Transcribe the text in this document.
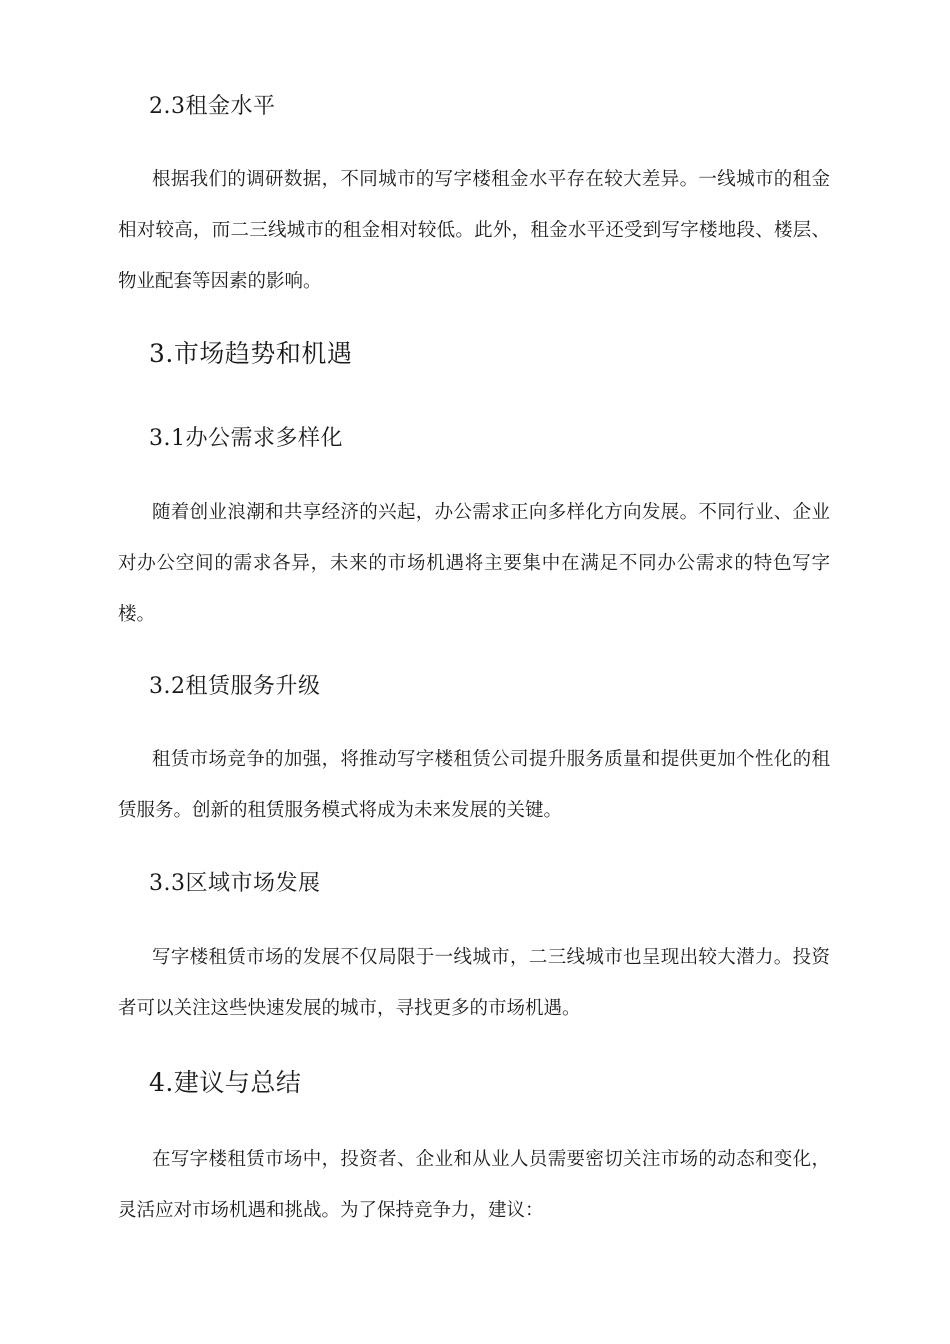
2.3租金水平
根据我们的调研数据，不同城市的写字楼租金水平存在较大差异。一线城市的租金相对较高，而二三线城市的租金相对较低。此外，租金水平还受到写字楼地段、楼层、物业配套等因素的影响。
3.市场趋势和机遇
3.1办公需求多样化
随着创业浪潮和共享经济的兴起，办公需求正向多样化方向发展。不同行业、企业对办公空间的需求各异，未来的市场机遇将主要集中在满足不同办公需求的特色写字楼。
3.2租赁服务升级
租赁市场竞争的加强，将推动写字楼租赁公司提升服务质量和提供更加个性化的租赁服务。创新的租赁服务模式将成为未来发展的关键。
3.3区域市场发展
写字楼租赁市场的发展不仅局限于一线城市，二三线城市也呈现出较大潜力。投资者可以关注这些快速发展的城市，寻找更多的市场机遇。
4.建议与总结
在写字楼租赁市场中，投资者、企业和从业人员需要密切关注市场的动态和变化，灵活应对市场机遇和挑战。为了保持竞争力，建议：
